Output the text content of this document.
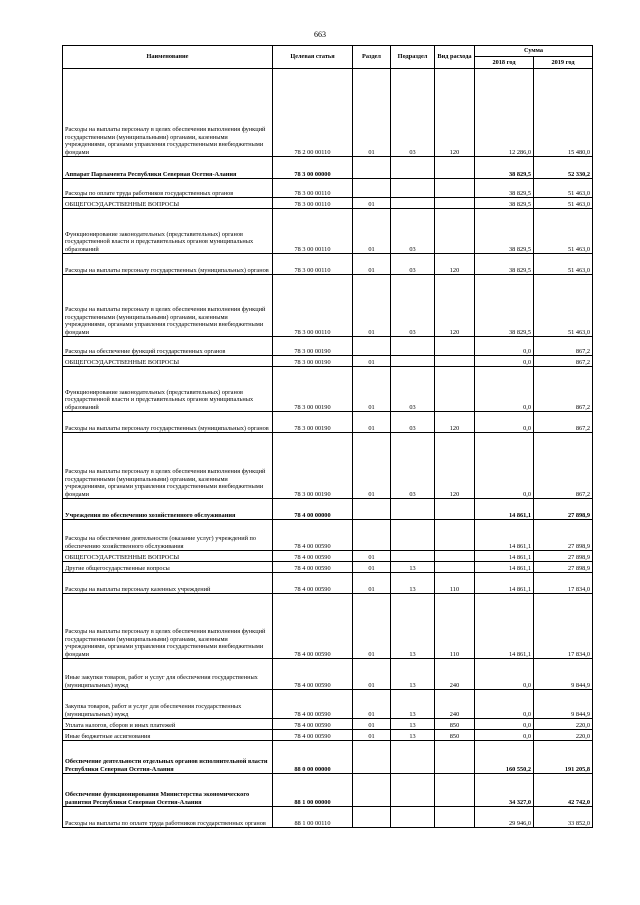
663
Наименование	Целевая статья	Раздел	Подраздел	Вид расхода	Сумма	
					2018 год	2019 год
Расходы на выплаты персоналу в целях обеспечения выполнения функций государственными (муниципальными) органами, казенными учреждениями, органами управления государственными внебюджетными фондами	78 2 00 00110	01	03	120	12 286,0	15 480,0
Аппарат Парламента Республики Северная Осетия-Алания	78 3 00 00000				38 829,5	52 330,2
Расходы по оплате труда работников государственных органов	78 3 00 00110				38 829,5	51 463,0
ОБЩЕГОСУДАРСТВЕННЫЕ ВОПРОСЫ	78 3 00 00110	01			38 829,5	51 463,0
Функционирование законодательных (представительных) органов государственной власти и представительных органов муниципальных образований	78 3 00 00110	01	03		38 829,5	51 463,0
Расходы на выплаты персоналу государственных (муниципальных) органов	78 3 00 00110	01	03	120	38 829,5	51 463,0
Расходы на выплаты персоналу в целях обеспечения выполнения функций государственными (муниципальными) органами, казенными учреждениями, органами управления государственными внебюджетными фондами	78 3 00 00110	01	03	120	38 829,5	51 463,0
Расходы на обеспечение функций государственных органов	78 3 00 00190				0,0	867,2
ОБЩЕГОСУДАРСТВЕННЫЕ ВОПРОСЫ	78 3 00 00190	01			0,0	867,2
Функционирование законодательных (представительных) органов государственной власти и представительных органов муниципальных образований	78 3 00 00190	01	03		0,0	867,2
Расходы на выплаты персоналу государственных (муниципальных) органов	78 3 00 00190	01	03	120	0,0	867,2
Расходы на выплаты персоналу в целях обеспечения выполнения функций государственными (муниципальными) органами, казенными учреждениями, органами управления государственными внебюджетными фондами	78 3 00 00190	01	03	120	0,0	867,2
Учреждения по обеспечению хозяйственного обслуживания	78 4 00 00000				14 861,1	27 898,9
Расходы на обеспечение деятельности (оказание услуг) учреждений по обеспечению хозяйственного обслуживания	78 4 00 00590				14 861,1	27 898,9
ОБЩЕГОСУДАРСТВЕННЫЕ ВОПРОСЫ	78 4 00 00590	01			14 861,1	27 898,9
Другие общегосударственные вопросы	78 4 00 00590	01	13		14 861,1	27 898,9
Расходы на выплаты персоналу казенных учреждений	78 4 00 00590	01	13	110	14 861,1	17 834,0
Расходы на выплаты персоналу в целях обеспечения выполнения функций государственными (муниципальными) органами, казенными учреждениями, органами управления государственными внебюджетными фондами	78 4 00 00590	01	13	110	14 861,1	17 834,0
Иные закупки товаров, работ и услуг для обеспечения государственных (муниципальных) нужд	78 4 00 00590	01	13	240	0,0	9 844,9
Закупка товаров, работ и услуг для обеспечения государственных (муниципальных) нужд	78 4 00 00590	01	13	240	0,0	9 844,9
Уплата налогов, сборов и иных платежей	78 4 00 00590	01	13	850	0,0	220,0
Иные бюджетные ассигнования	78 4 00 00590	01	13	850	0,0	220,0
Обеспечение деятельности отдельных органов исполнительной власти Республики Северная Осетия-Алания	88 0 00 00000				160 550,2	191 205,8
Обеспечение функционирования Министерства экономического развития Республики Северная Осетия-Алания	88 1 00 00000				34 327,0	42 742,0
Расходы на выплаты по оплате труда работников государственных органов	88 1 00 00110				29 946,0	33 852,0
